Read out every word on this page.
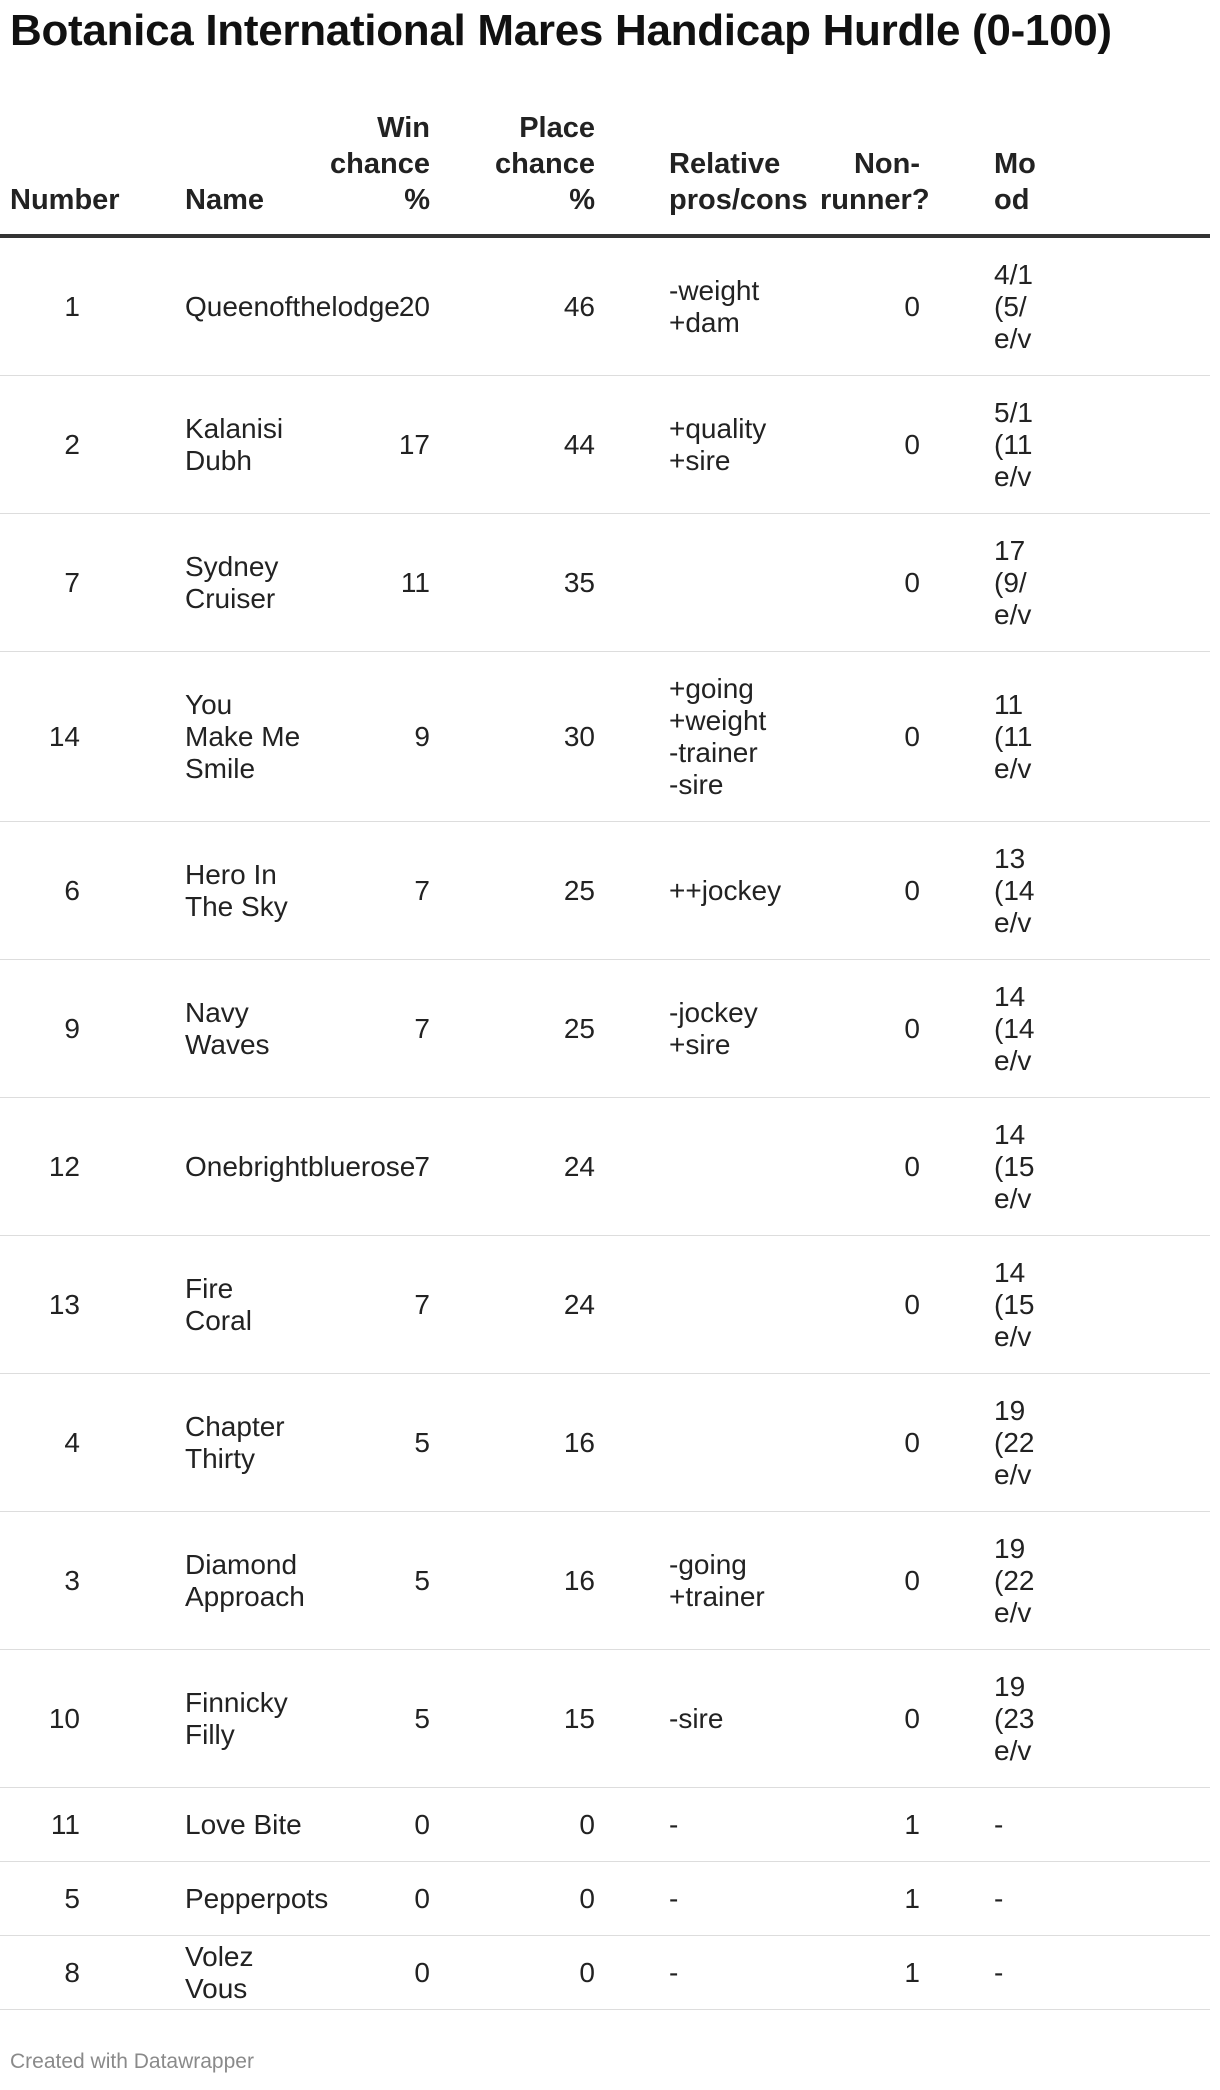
Botanica International Mares Handicap Hurdle (0-100)
Number	Name	Win
chance
%	Place
chance
%	Relative
pros/cons	Non-
runner?	Mo
od

1	Queenofthelodge	20	46	-weight
+dam	0	4/1
(5/
e/v

2	Kalanisi Dubh	17	44	+quality
+sire	0	5/1
(11
e/v

7	Sydney Cruiser	11	35		0	17
(9/
e/v

14	You Make Me
Smile	9	30	+going
+weight
-trainer
-sire	0	11
(11
e/v

6	Hero In The Sky	7	25	++jockey	0	13
(14
e/v

9	Navy Waves	7	25	-jockey
+sire	0	14
(14
e/v

12	Onebrightbluerose	7	24		0	14
(15
e/v

13	Fire Coral	7	24		0	14
(15
e/v

4	Chapter Thirty	5	16		0	19
(22
e/v

3	Diamond
Approach	5	16	-going
+trainer	0	19
(22
e/v

10	Finnicky Filly	5	15	-sire	0	19
(23
e/v

11	Love Bite	0	0	-	1	-

5	Pepperpots	0	0	-	1	-

8	Volez Vous	0	0	-	1	-
Created with Datawrapper
